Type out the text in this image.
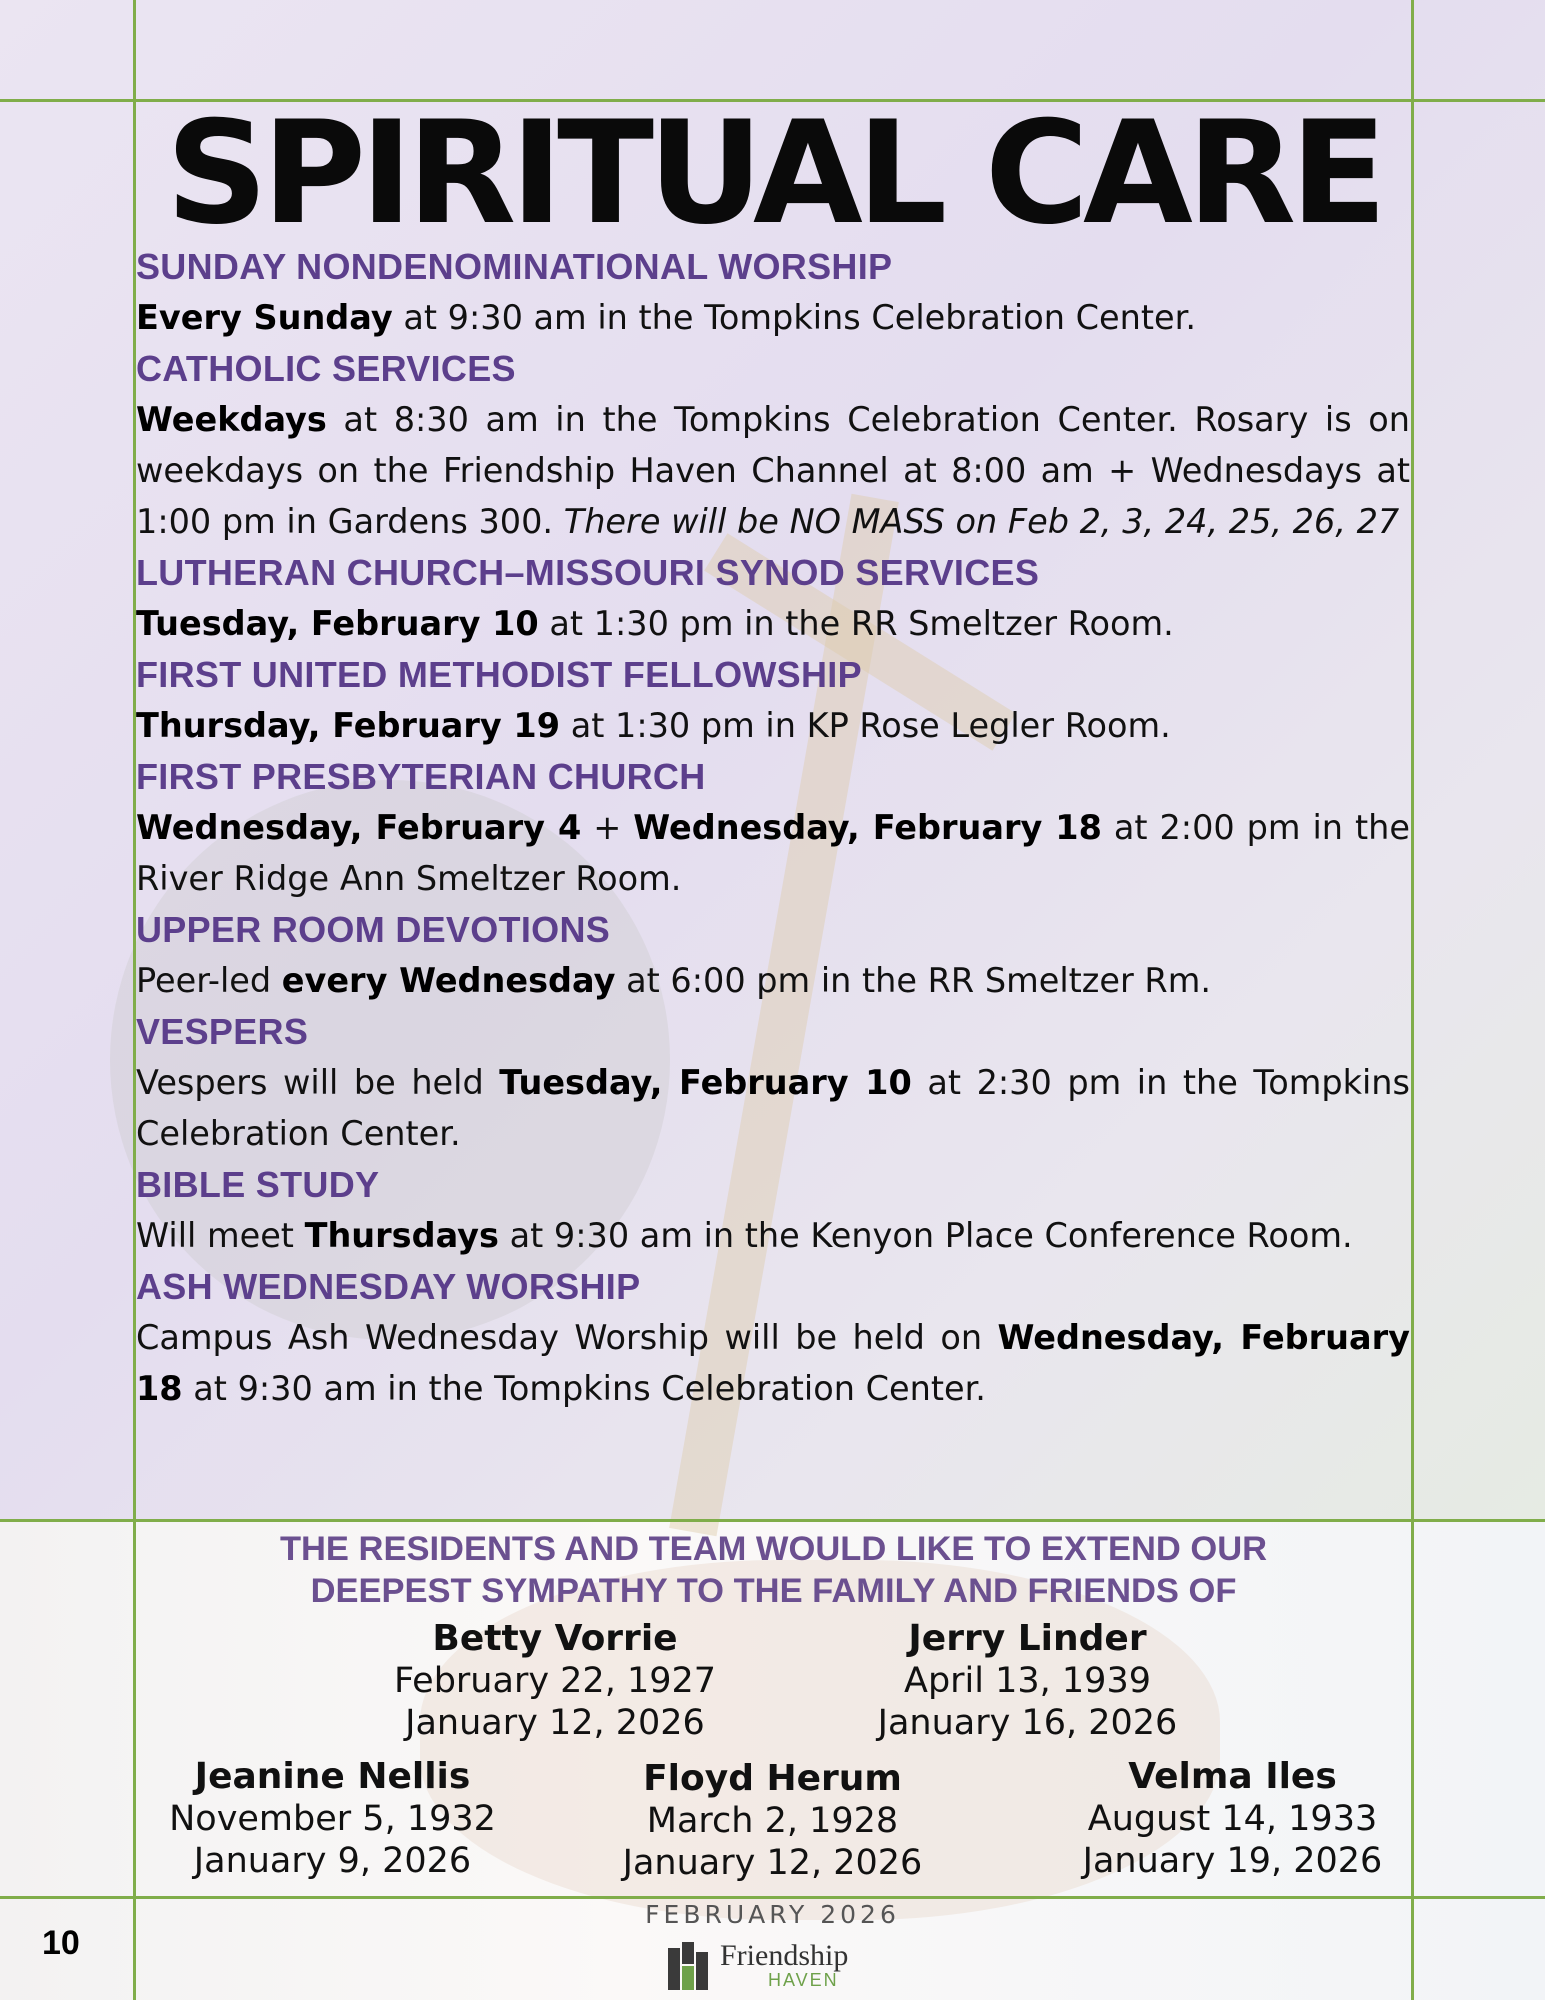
SPIRITUAL CARE
SUNDAY NONDENOMINATIONAL WORSHIP
Every Sunday at 9:30 am in the Tompkins Celebration Center.
CATHOLIC SERVICES
Weekdays at 8:30 am in the Tompkins Celebration Center. Rosary is on weekdays on the Friendship Haven Channel at 8:00 am + Wednesdays at 1:00 pm in Gardens 300. There will be NO MASS on Feb 2, 3, 24, 25, 26, 27
LUTHERAN CHURCH–MISSOURI SYNOD SERVICES
Tuesday, February 10 at 1:30 pm in the RR Smeltzer Room.
FIRST UNITED METHODIST FELLOWSHIP
Thursday, February 19 at 1:30 pm in KP Rose Legler Room.
FIRST PRESBYTERIAN CHURCH
Wednesday, February 4 + Wednesday, February 18 at 2:00 pm in the River Ridge Ann Smeltzer Room.
UPPER ROOM DEVOTIONS
Peer-led every Wednesday at 6:00 pm in the RR Smeltzer Rm.
VESPERS
Vespers will be held Tuesday, February 10 at 2:30 pm in the Tompkins Celebration Center.
BIBLE STUDY
Will meet Thursdays at 9:30 am in the Kenyon Place Conference Room.
ASH WEDNESDAY WORSHIP
Campus Ash Wednesday Worship will be held on Wednesday, February 18 at 9:30 am in the Tompkins Celebration Center.
THE RESIDENTS AND TEAM WOULD LIKE TO EXTEND OUR
DEEPEST SYMPATHY TO THE FAMILY AND FRIENDS OF
Betty Vorrie
February 22, 1927
January 12, 2026
Jerry Linder
April 13, 1939
January 16, 2026
Jeanine Nellis
November 5, 1932
January 9, 2026
Floyd Herum
March 2, 1928
January 12, 2026
Velma Iles
August 14, 1933
January 19, 2026
FEBRUARY 2026
10	Friendship
HAVEN
